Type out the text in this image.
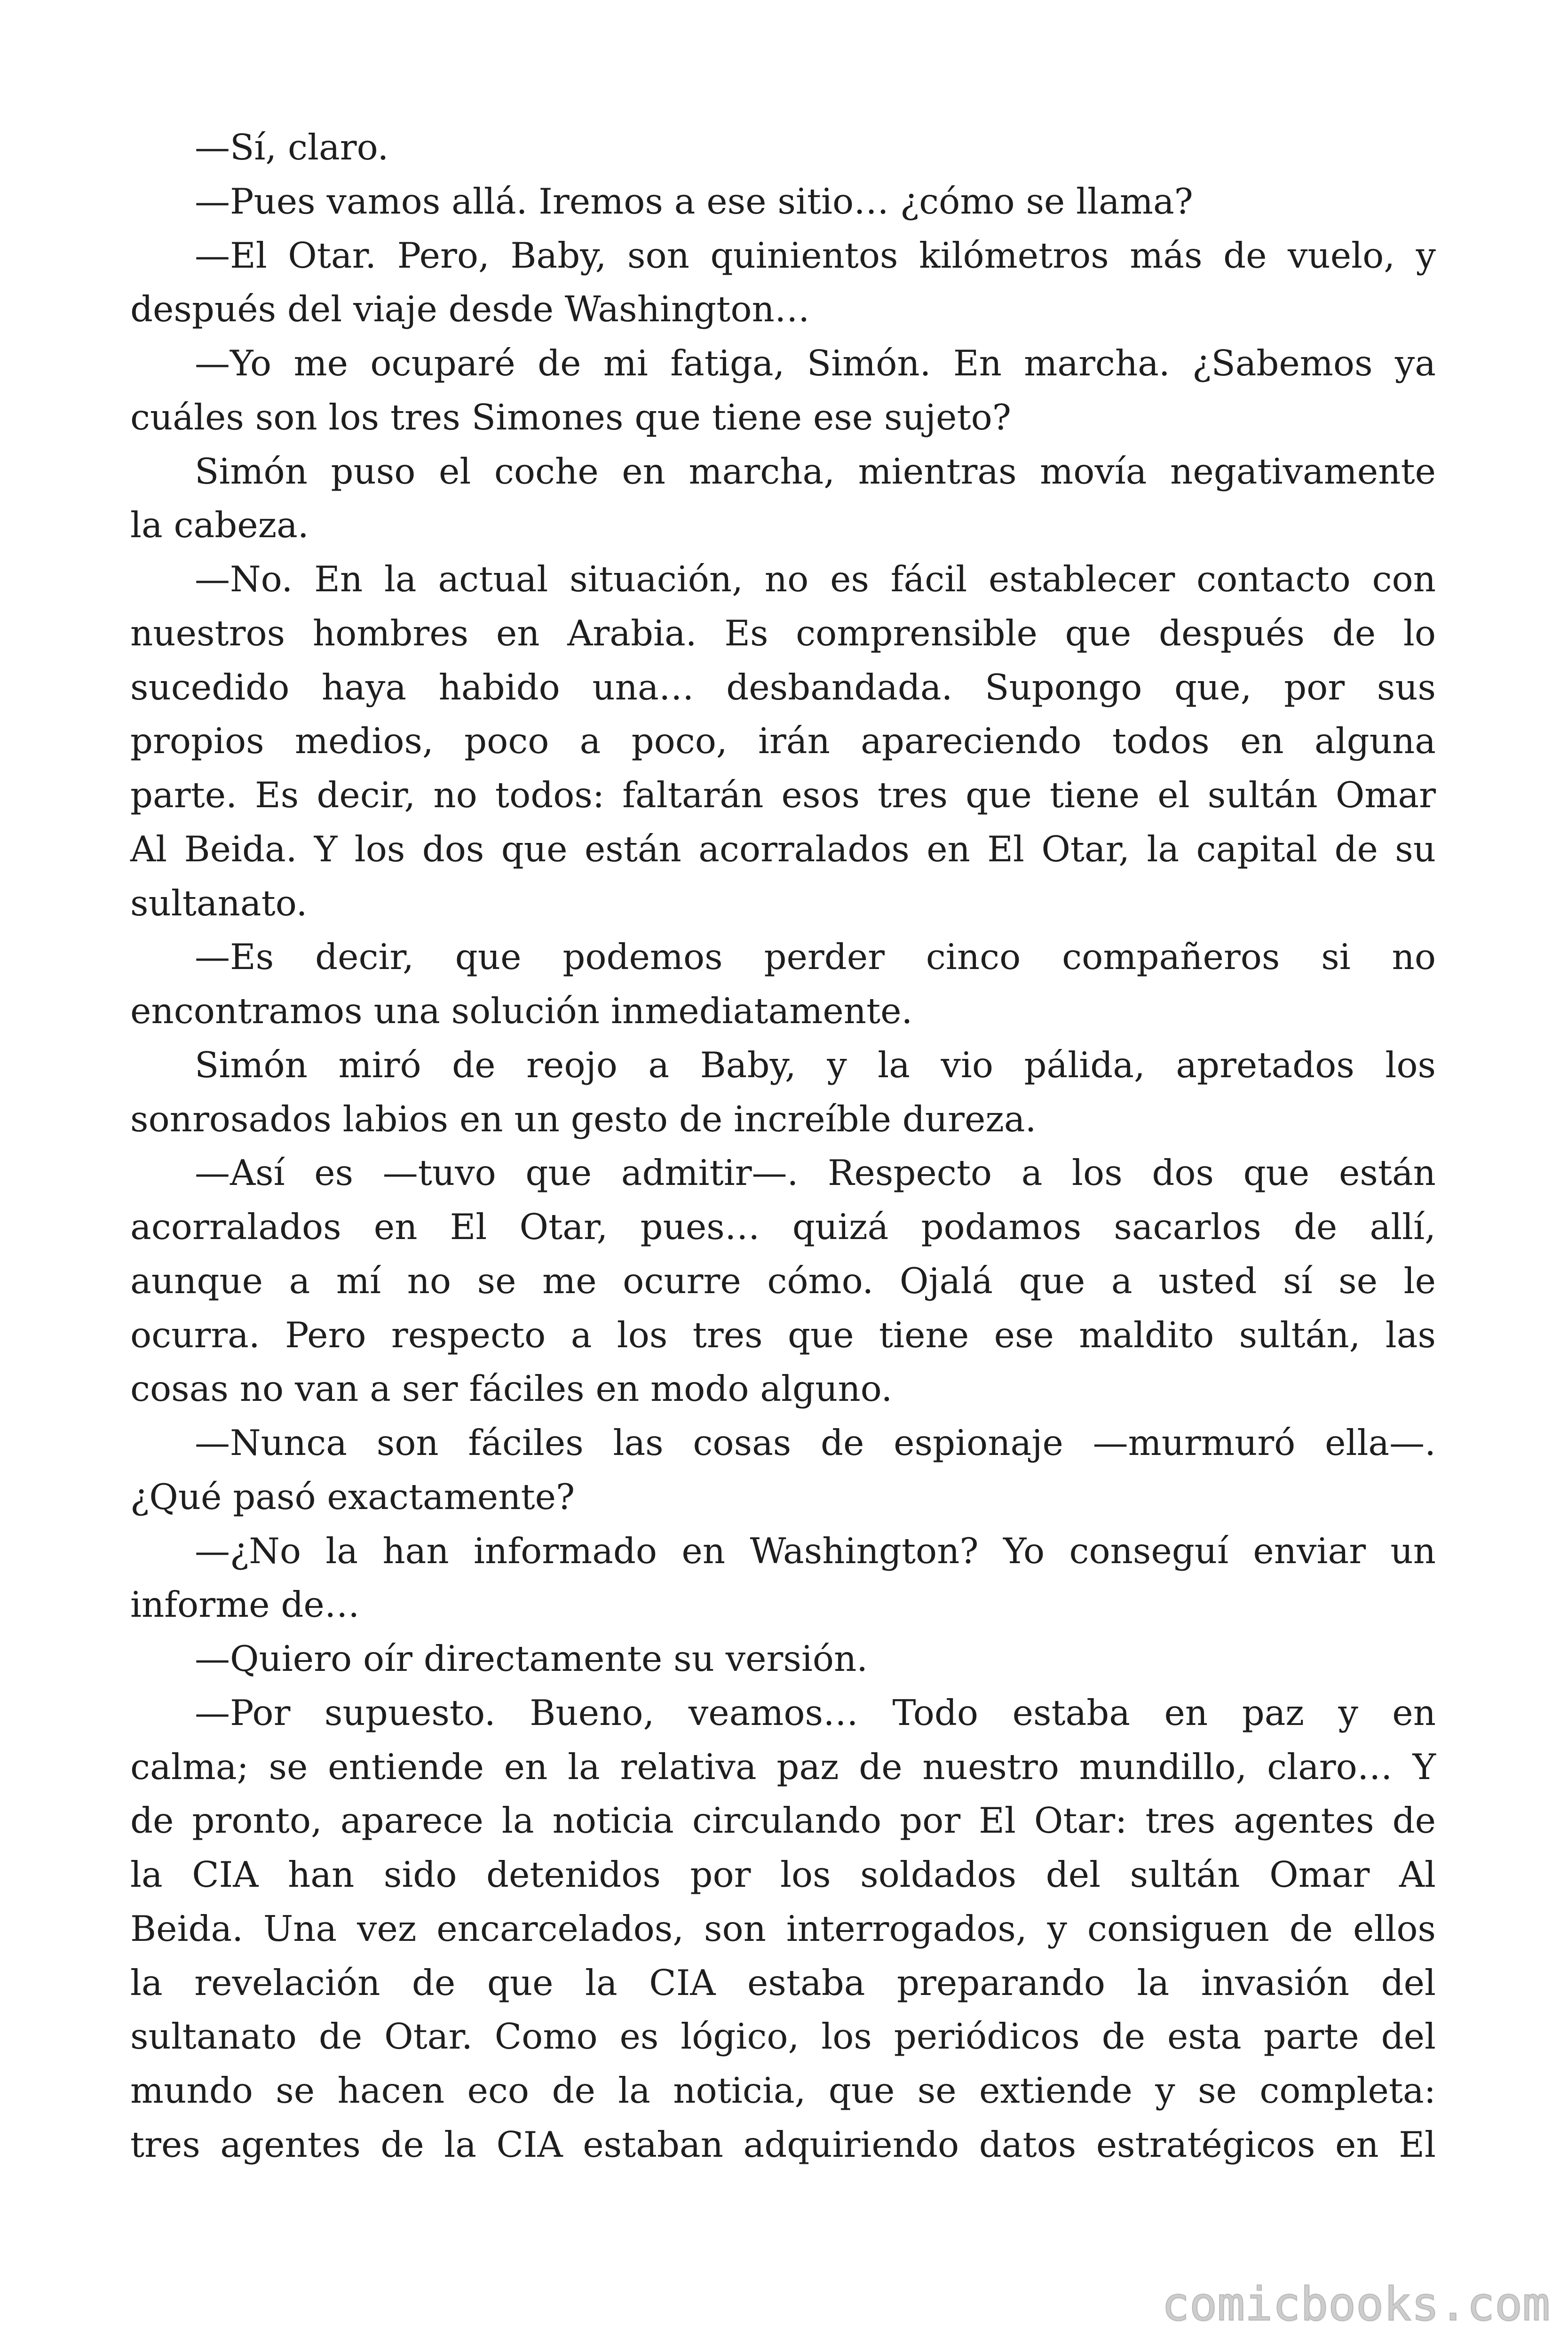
—Sí, claro.
—Pues vamos allá. Iremos a ese sitio… ¿cómo se llama?
—El Otar. Pero, Baby, son quinientos kilómetros más de vuelo, y
después del viaje desde Washington…
—Yo me ocuparé de mi fatiga, Simón. En marcha. ¿Sabemos ya
cuáles son los tres Simones que tiene ese sujeto?
Simón puso el coche en marcha, mientras movía negativamente
la cabeza.
—No. En la actual situación, no es fácil establecer contacto con
nuestros hombres en Arabia. Es comprensible que después de lo
sucedido haya habido una… desbandada. Supongo que, por sus
propios medios, poco a poco, irán apareciendo todos en alguna
parte. Es decir, no todos: faltarán esos tres que tiene el sultán Omar
Al Beida. Y los dos que están acorralados en El Otar, la capital de su
sultanato.
—Es decir, que podemos perder cinco compañeros si no
encontramos una solución inmediatamente.
Simón miró de reojo a Baby, y la vio pálida, apretados los
sonrosados labios en un gesto de increíble dureza.
—Así es —tuvo que admitir—. Respecto a los dos que están
acorralados en El Otar, pues… quizá podamos sacarlos de allí,
aunque a mí no se me ocurre cómo. Ojalá que a usted sí se le
ocurra. Pero respecto a los tres que tiene ese maldito sultán, las
cosas no van a ser fáciles en modo alguno.
—Nunca son fáciles las cosas de espionaje —murmuró ella—.
¿Qué pasó exactamente?
—¿No la han informado en Washington? Yo conseguí enviar un
informe de…
—Quiero oír directamente su versión.
—Por supuesto. Bueno, veamos… Todo estaba en paz y en
calma; se entiende en la relativa paz de nuestro mundillo, claro… Y
de pronto, aparece la noticia circulando por El Otar: tres agentes de
la CIA han sido detenidos por los soldados del sultán Omar Al
Beida. Una vez encarcelados, son interrogados, y consiguen de ellos
la revelación de que la CIA estaba preparando la invasión del
sultanato de Otar. Como es lógico, los periódicos de esta parte del
mundo se hacen eco de la noticia, que se extiende y se completa:
tres agentes de la CIA estaban adquiriendo datos estratégicos en El
comicbooks.com
